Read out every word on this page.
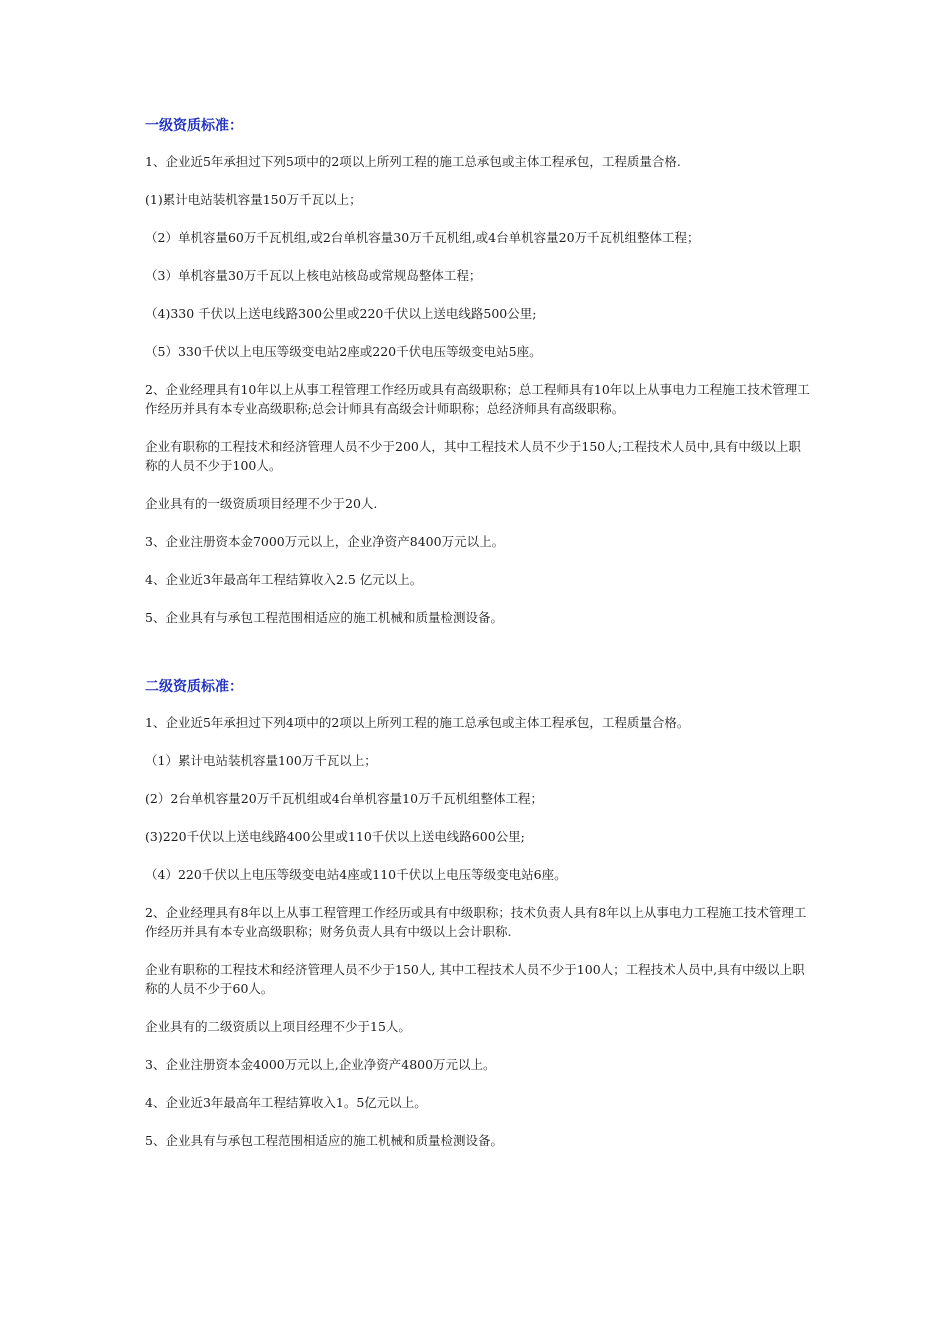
一级资质标准：

1、企业近5年承担过下列5项中的2项以上所列工程的施工总承包或主体工程承包，工程质量合格.

(1)累计电站装机容量150万千瓦以上；

（2）单机容量60万千瓦机组,或2台单机容量30万千瓦机组,或4台单机容量20万千瓦机组整体工程；

（3）单机容量30万千瓦以上核电站核岛或常规岛整体工程；

（4)330 千伏以上送电线路300公里或220千伏以上送电线路500公里;

（5）330千伏以上电压等级变电站2座或220千伏电压等级变电站5座。

2、企业经理具有10年以上从事工程管理工作经历或具有高级职称；总工程师具有10年以上从事电力工程施工技术管理工作经历并具有本专业高级职称;总会计师具有高级会计师职称；总经济师具有高级职称。

企业有职称的工程技术和经济管理人员不少于200人，其中工程技术人员不少于150人;工程技术人员中,具有中级以上职称的人员不少于100人。

企业具有的一级资质项目经理不少于20人.

3、企业注册资本金7000万元以上，企业净资产8400万元以上。

4、企业近3年最高年工程结算收入2.5 亿元以上。

5、企业具有与承包工程范围相适应的施工机械和质量检测设备。

二级资质标准：

1、企业近5年承担过下列4项中的2项以上所列工程的施工总承包或主体工程承包，工程质量合格。

（1）累计电站装机容量100万千瓦以上；

(2）2台单机容量20万千瓦机组或4台单机容量10万千瓦机组整体工程；

(3)220千伏以上送电线路400公里或110千伏以上送电线路600公里;

（4）220千伏以上电压等级变电站4座或110千伏以上电压等级变电站6座。

2、企业经理具有8年以上从事工程管理工作经历或具有中级职称；技术负责人具有8年以上从事电力工程施工技术管理工作经历并具有本专业高级职称；财务负责人具有中级以上会计职称.

企业有职称的工程技术和经济管理人员不少于150人, 其中工程技术人员不少于100人；工程技术人员中,具有中级以上职称的人员不少于60人。

企业具有的二级资质以上项目经理不少于15人。

3、企业注册资本金4000万元以上,企业净资产4800万元以上。

4、企业近3年最高年工程结算收入1。5亿元以上。

5、企业具有与承包工程范围相适应的施工机械和质量检测设备。
